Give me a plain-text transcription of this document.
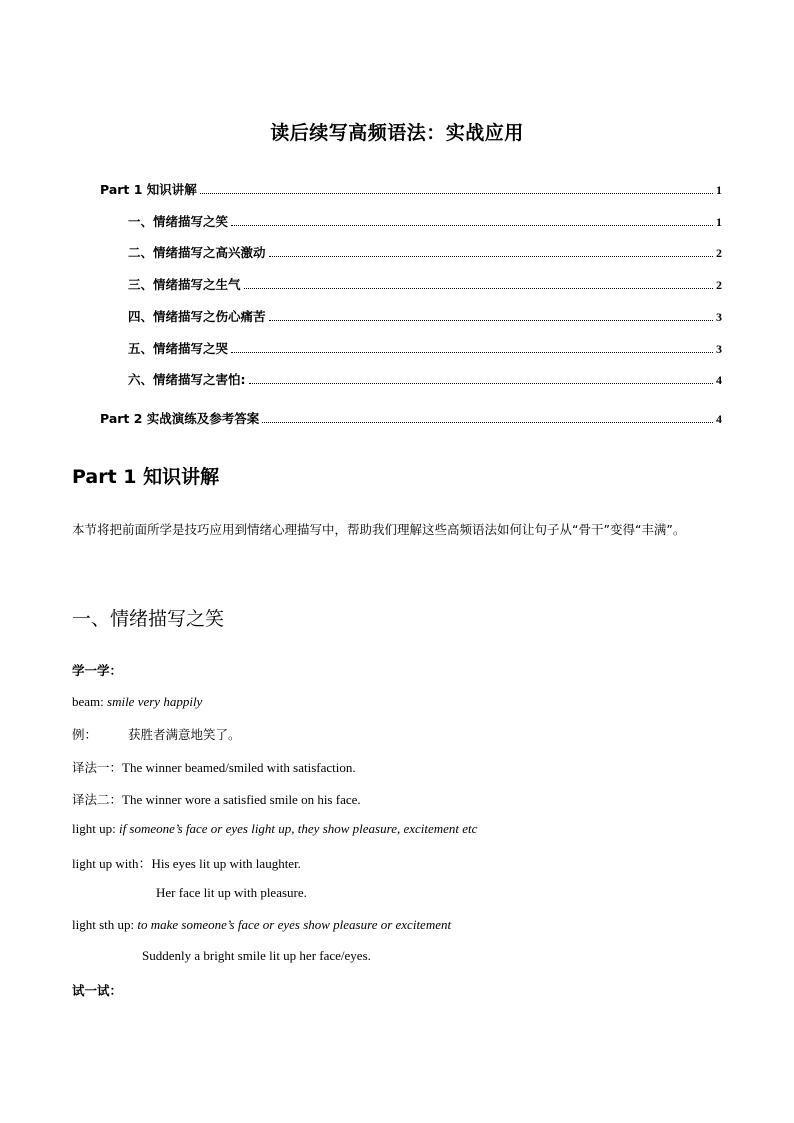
读后续写高频语法：实战应用
Part 1 知识讲解	1
一、情绪描写之笑	1
二、情绪描写之高兴激动	2
三、情绪描写之生气	2
四、情绪描写之伤心痛苦	3
五、情绪描写之哭	3
六、情绪描写之害怕:	4
Part 2 实战演练及参考答案	4
Part 1 知识讲解
本节将把前面所学是技巧应用到情绪心理描写中，帮助我们理解这些高频语法如何让句子从“骨干”变得“丰满”。
一、情绪描写之笑
学一学：
beam: smile very happily
例： 获胜者满意地笑了。
译法一：The winner beamed/smiled with satisfaction.
译法二：The winner wore a satisfied smile on his face.
light up: if someone’s face or eyes light up, they show pleasure, excitement etc
light up with：His eyes lit up with laughter.
Her face lit up with pleasure.
light sth up: to make someone’s face or eyes show pleasure or excitement
Suddenly a bright smile lit up her face/eyes.
试一试：
